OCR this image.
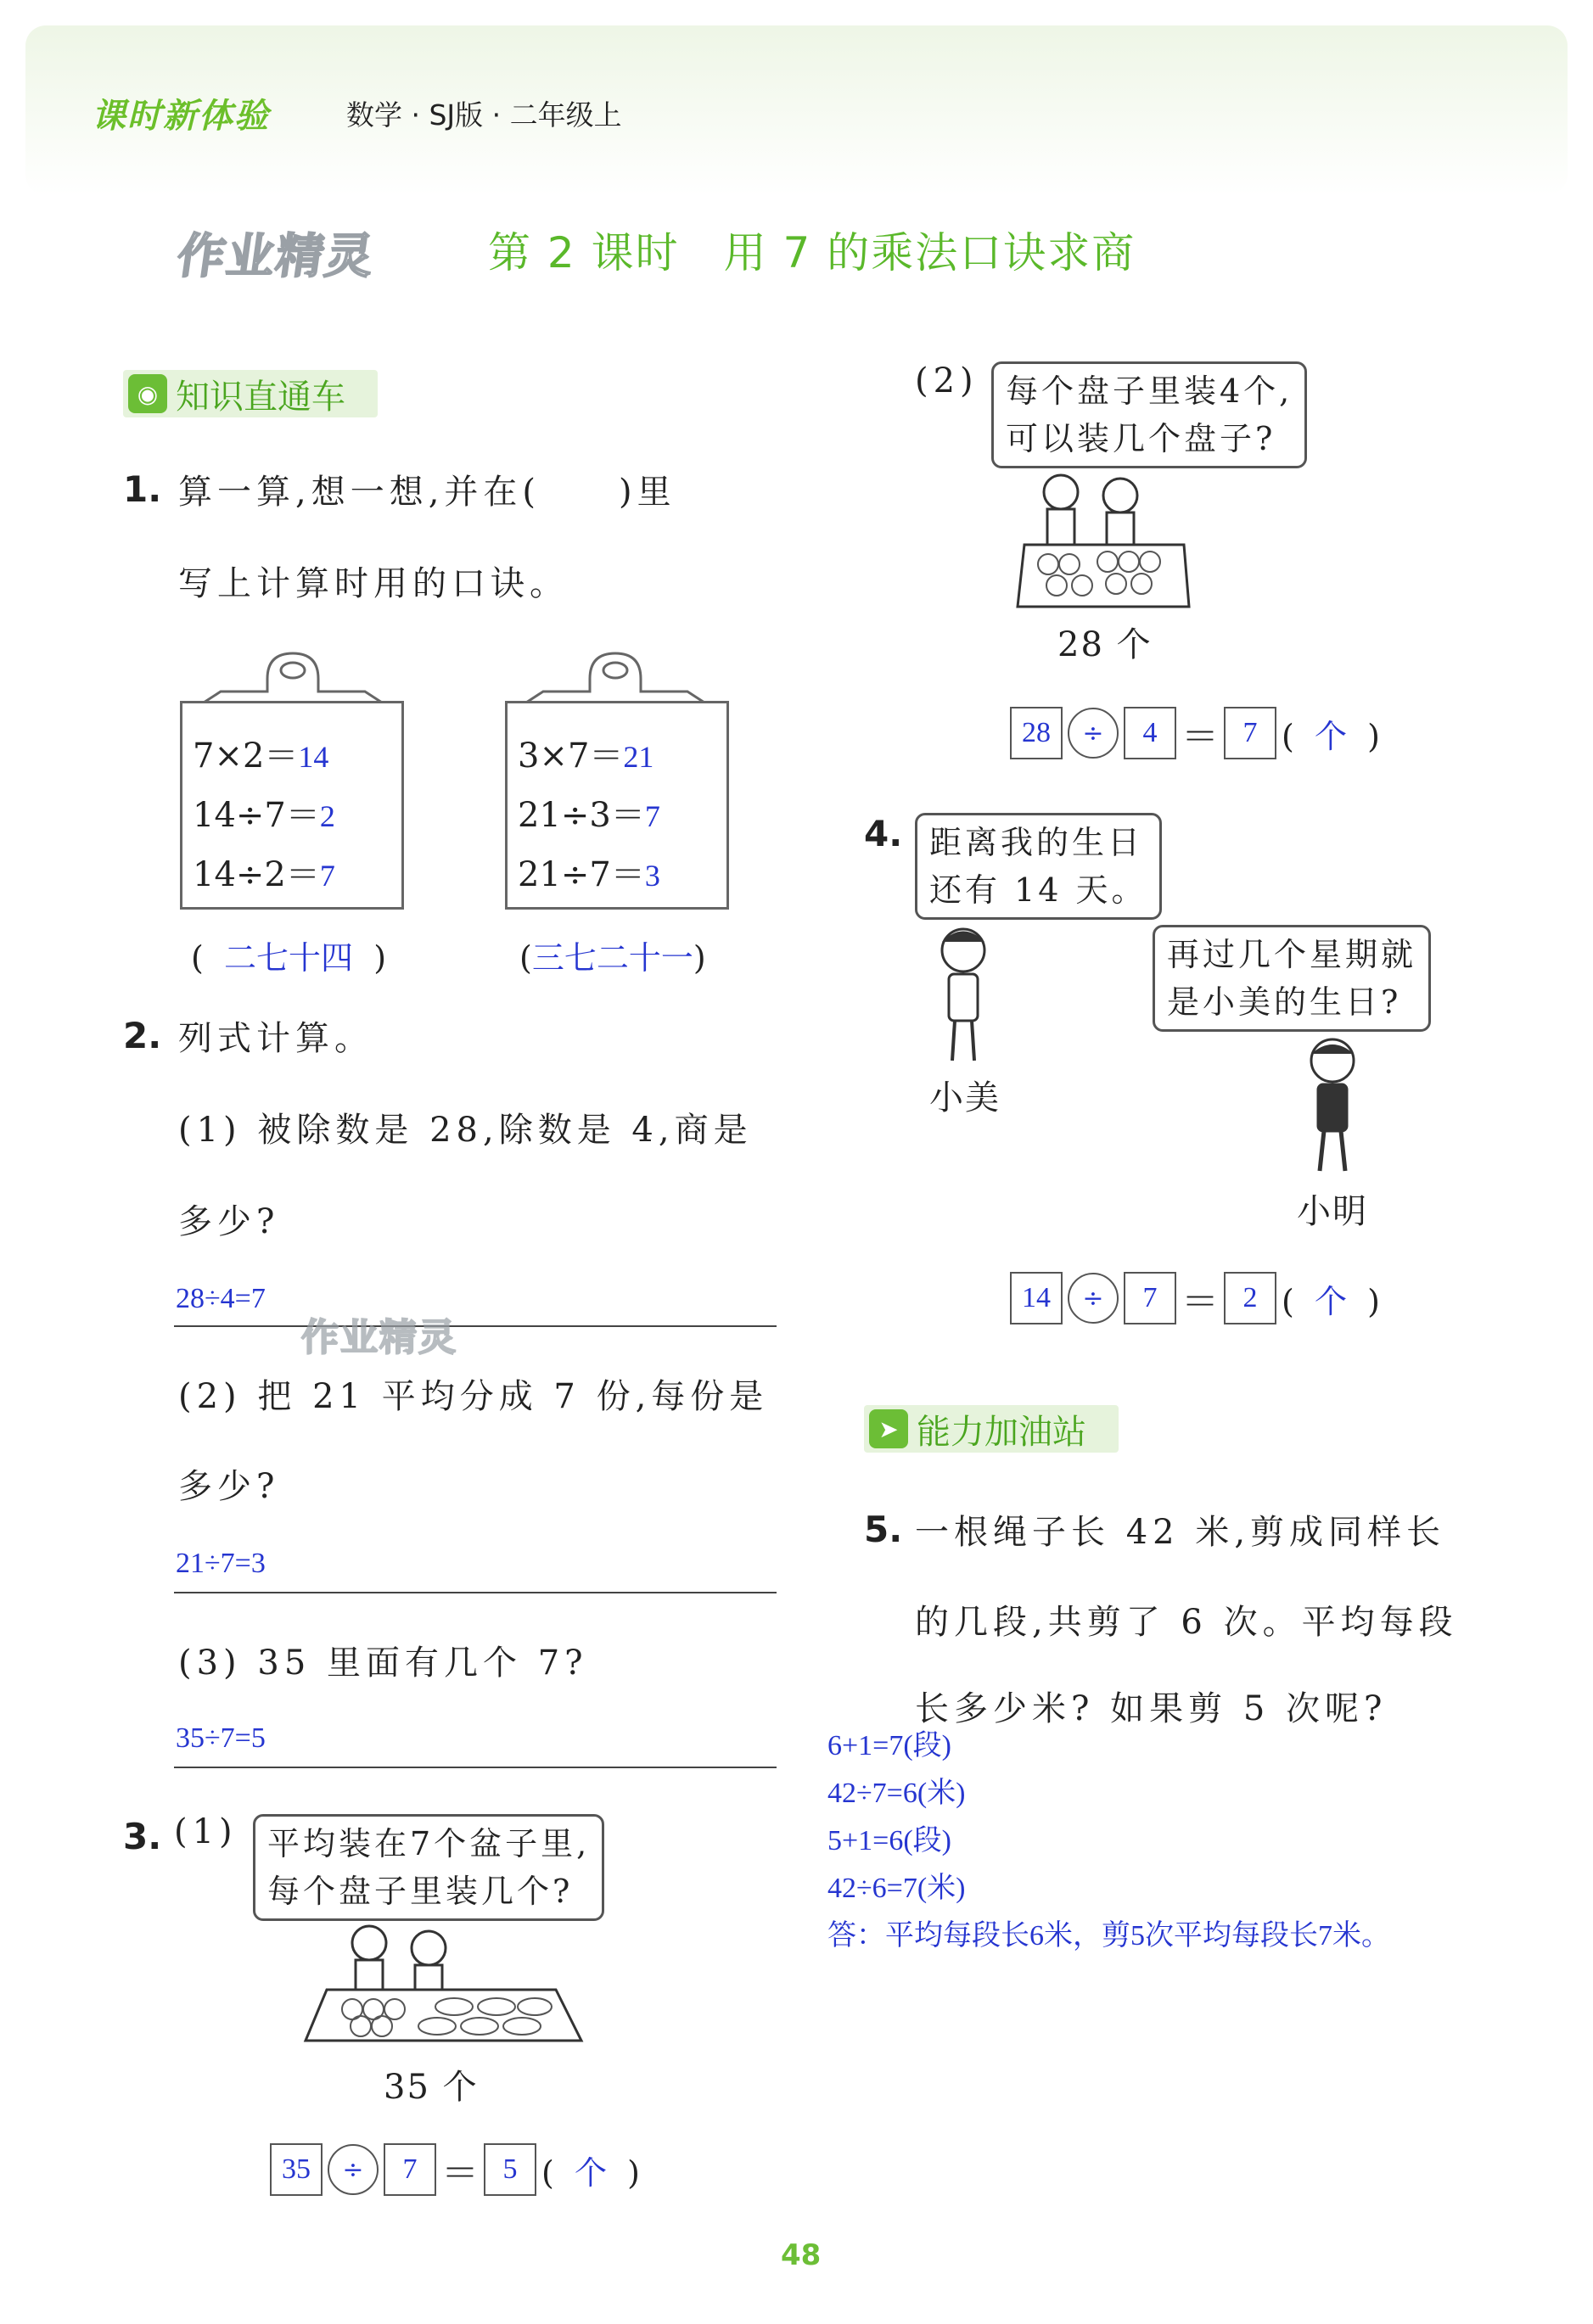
课时新体验	数学 · SJ版 · 二年级上
作业精灵	第 2 课时　用 7 的乘法口诀求商
◉ 知识直通车
1. 算一算,想一想,并在(　　)里
写上计算时用的口诀。
7×2＝14
14÷7＝2
14÷2＝7
( 二七十四 )
3×7＝21
21÷3＝7
21÷7＝3
(三七二十一)
2. 列式计算。
(1) 被除数是 28,除数是 4,商是
多少?
28÷4=7
作业精灵
(2) 把 21 平均分成 7 份,每份是
多少?
21÷7=3
(3) 35 里面有几个 7?
35÷7=5
3. (1) 平均装在7个盆子里,
每个盘子里装几个?
35 个
35	÷	7 ＝ 5 (  个  )
(2) 每个盘子里装4个,
可以装几个盘子?
28 个
28	÷	4 ＝ 7 (  个  )
4. 距离我的生日
还有 14 天。
小美
再过几个星期就
是小美的生日?
小明
14	÷	7 ＝ 2 (  个  )
➤ 能力加油站
5. 一根绳子长 42 米,剪成同样长
的几段,共剪了 6 次。平均每段
长多少米? 如果剪 5 次呢?
6+1=7(段)
42÷7=6(米)
5+1=6(段)
42÷6=7(米)
答：平均每段长6米，剪5次平均每段长7米。
48
